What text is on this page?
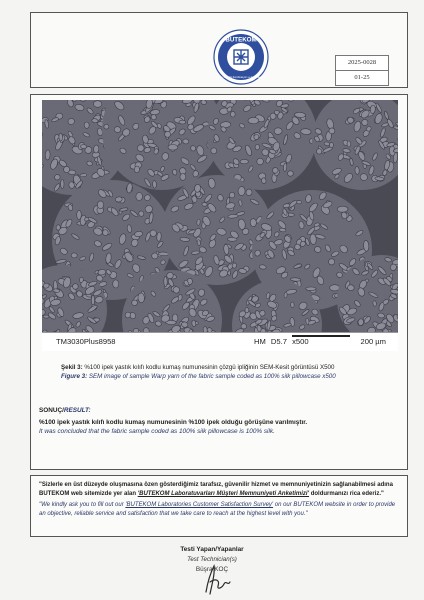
BUTEKOM
Bursa Teknoloji Koordinasyon ve Ar-Ge Merkezi
2025-0028
01-25
TM3030Plus8958	HM D5.7 x500	200 µm
Şekil 3: %100 ipek yastık kılıfı kodlu kumaş numunesinin çözgü ipliğinin SEM-Kesit görüntüsü X500
Figure 3: SEM image of sample Warp yarn of the fabric sample coded as 100% silk pillowcase x500
SONUÇ/RESULT:
%100 ipek yastık kılıfı kodlu kumaş numunesinin %100 ipek olduğu görüşüne varılmıştır.
It was concluded that the fabric sample coded as 100% silk pillowcase is 100% silk.
"Sizlerle en üst düzeyde oluşmasına özen gösterdiğimiz tarafsız, güvenilir hizmet ve memnuniyetinizin sağlanabilmesi adına BUTEKOM web sitemizde yer alan 'BUTEKOM Laboratuvarları Müşteri Memnuniyeti Anketimizi' doldurmanızı rica ederiz."
"We kindly ask you to fill out our 'BUTEKOM Laboratories Customer Satisfaction Survey' on our BUTEKOM website in order to provide an objective, reliable service and satisfaction that we take care to reach at the highest level with you."
Testi Yapan/Yapanlar
Test Technician(s)
Büşra KOÇ
